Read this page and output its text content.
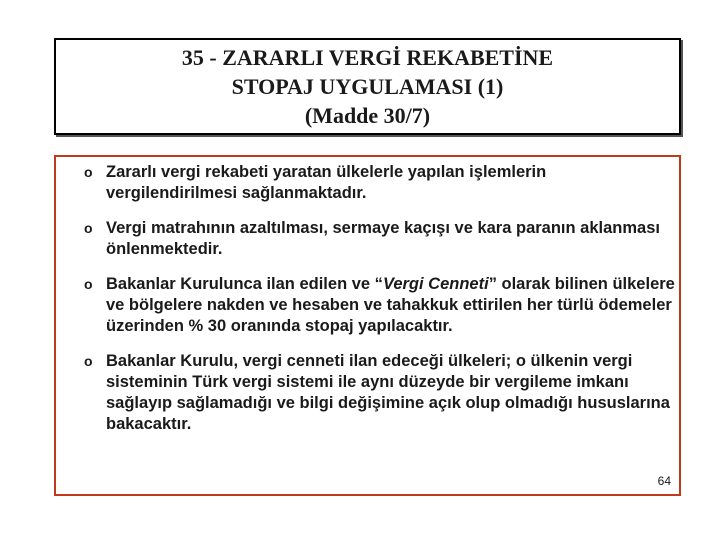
35 - ZARARLI VERGİ REKABETİNE
STOPAJ UYGULAMASI (1)
(Madde 30/7)
o Zararlı vergi rekabeti yaratan ülkelerle yapılan işlemlerin vergilendirilmesi sağlanmaktadır.
o Vergi matrahının azaltılması, sermaye kaçışı ve kara paranın aklanması önlenmektedir.
o Bakanlar Kurulunca ilan edilen ve “Vergi Cenneti” olarak bilinen ülkelere ve bölgelere nakden ve hesaben ve tahakkuk ettirilen her türlü ödemeler üzerinden % 30 oranında stopaj yapılacaktır.
o Bakanlar Kurulu, vergi cenneti ilan edeceği ülkeleri; o ülkenin vergi sisteminin Türk vergi sistemi ile aynı düzeyde bir vergileme imkanı sağlayıp sağlamadığı ve bilgi değişimine açık olup olmadığı hususlarına bakacaktır.
64
